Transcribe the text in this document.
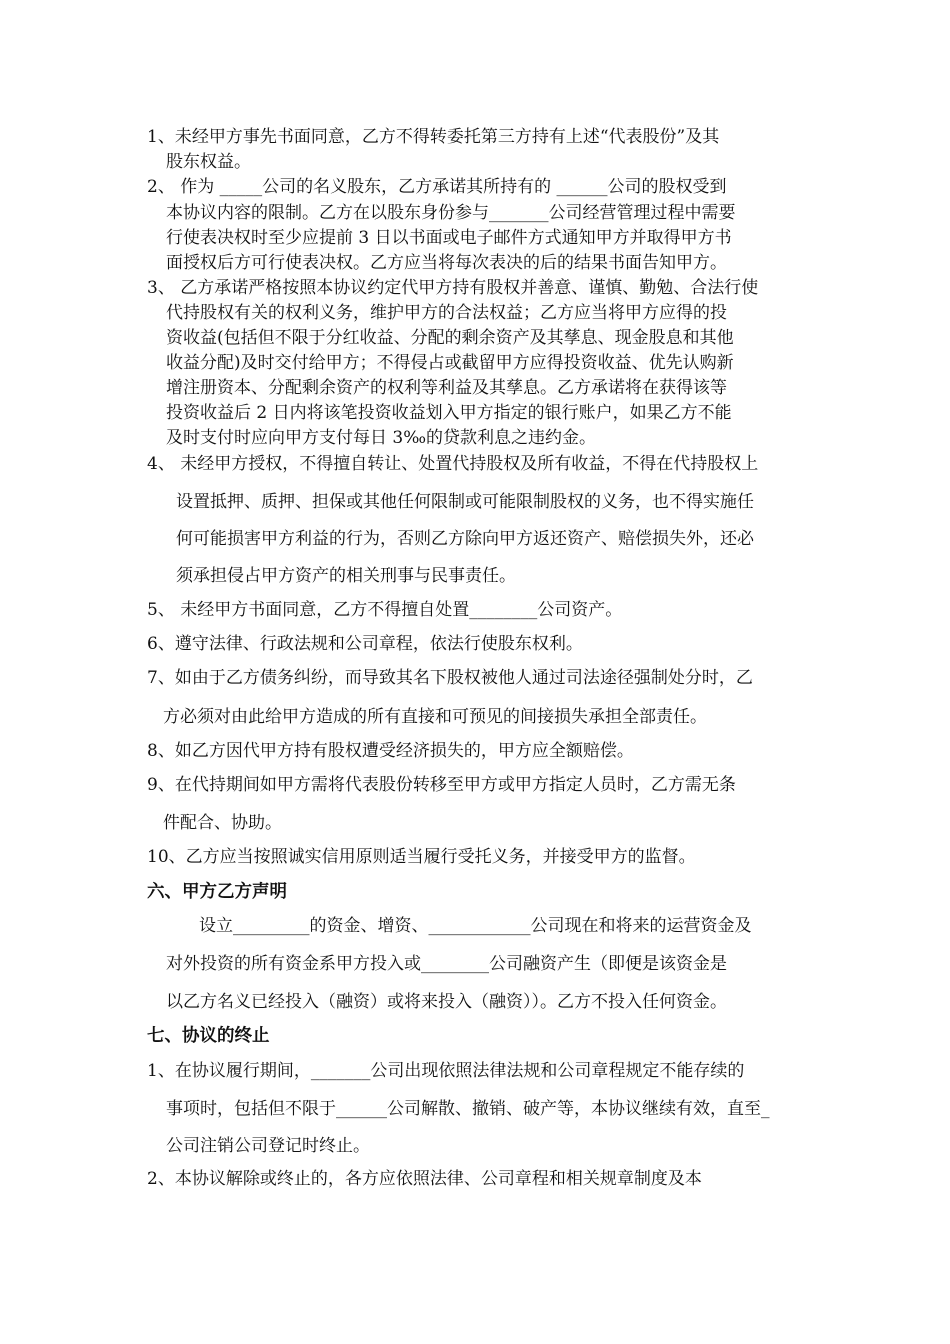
1、未经甲方事先书面同意，乙方不得转委托第三方持有上述“代表股份”及其
股东权益。
2、 作为 _____公司的名义股东，乙方承诺其所持有的 ______公司的股权受到
本协议内容的限制。乙方在以股东身份参与_______公司经营管理过程中需要
行使表决权时至少应提前 3 日以书面或电子邮件方式通知甲方并取得甲方书
面授权后方可行使表决权。乙方应当将每次表决的后的结果书面告知甲方。
3、 乙方承诺严格按照本协议约定代甲方持有股权并善意、谨慎、勤勉、合法行使
代持股权有关的权利义务，维护甲方的合法权益；乙方应当将甲方应得的投
资收益(包括但不限于分红收益、分配的剩余资产及其孳息、现金股息和其他
收益分配)及时交付给甲方；不得侵占或截留甲方应得投资收益、优先认购新
增注册资本、分配剩余资产的权利等利益及其孳息。乙方承诺将在获得该等
投资收益后 2 日内将该笔投资收益划入甲方指定的银行账户，如果乙方不能
及时支付时应向甲方支付每日 3‰的贷款利息之违约金。
4、 未经甲方授权，不得擅自转让、处置代持股权及所有收益，不得在代持股权上
设置抵押、质押、担保或其他任何限制或可能限制股权的义务，也不得实施任
何可能损害甲方利益的行为，否则乙方除向甲方返还资产、赔偿损失外，还必
须承担侵占甲方资产的相关刑事与民事责任。
5、 未经甲方书面同意，乙方不得擅自处置________公司资产。
6、遵守法律、行政法规和公司章程，依法行使股东权利。
7、如由于乙方债务纠纷，而导致其名下股权被他人通过司法途径强制处分时，乙
方必须对由此给甲方造成的所有直接和可预见的间接损失承担全部责任。
8、如乙方因代甲方持有股权遭受经济损失的，甲方应全额赔偿。
9、在代持期间如甲方需将代表股份转移至甲方或甲方指定人员时，乙方需无条
件配合、协助。
10、乙方应当按照诚实信用原则适当履行受托义务，并接受甲方的监督。
六、甲方乙方声明
设立_________的资金、增资、____________公司现在和将来的运营资金及
对外投资的所有资金系甲方投入或________公司融资产生（即便是该资金是
以乙方名义已经投入（融资）或将来投入（融资））。乙方不投入任何资金。
七、协议的终止
1、在协议履行期间，_______公司出现依照法律法规和公司章程规定不能存续的
事项时，包括但不限于______公司解散、撤销、破产等，本协议继续有效，直至_
公司注销公司登记时终止。
2、本协议解除或终止的，各方应依照法律、公司章程和相关规章制度及本
